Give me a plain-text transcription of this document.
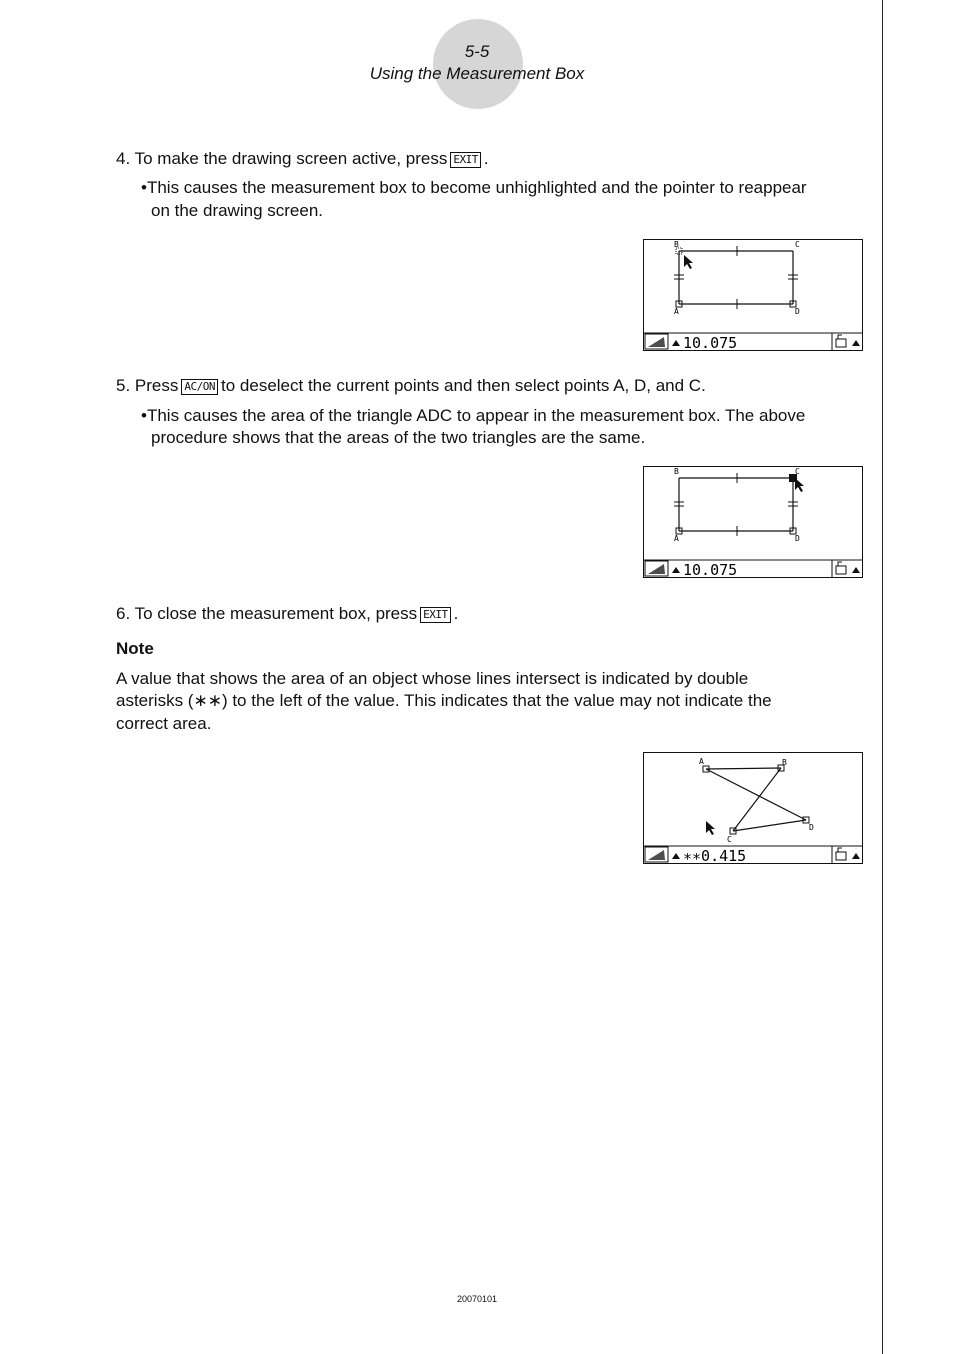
5-5
Using the Measurement Box
4. To make the drawing screen active, press EXIT .
•This causes the measurement box to become unhighlighted and the pointer to reappear
on the drawing screen.
B	C
A	D
10.075
5. Press AC/ON to deselect the current points and then select points A, D, and C.
•This causes the area of the triangle ADC to appear in the measurement box. The above
procedure shows that the areas of the two triangles are the same.
B	C
A	D
10.075
6. To close the measurement box, press EXIT .
Note
A value that shows the area of an object whose lines intersect is indicated by double
asterisks (∗∗) to the left of the value. This indicates that the value may not indicate the
correct area.
A	B
D
C
∗∗0.415
20070101
